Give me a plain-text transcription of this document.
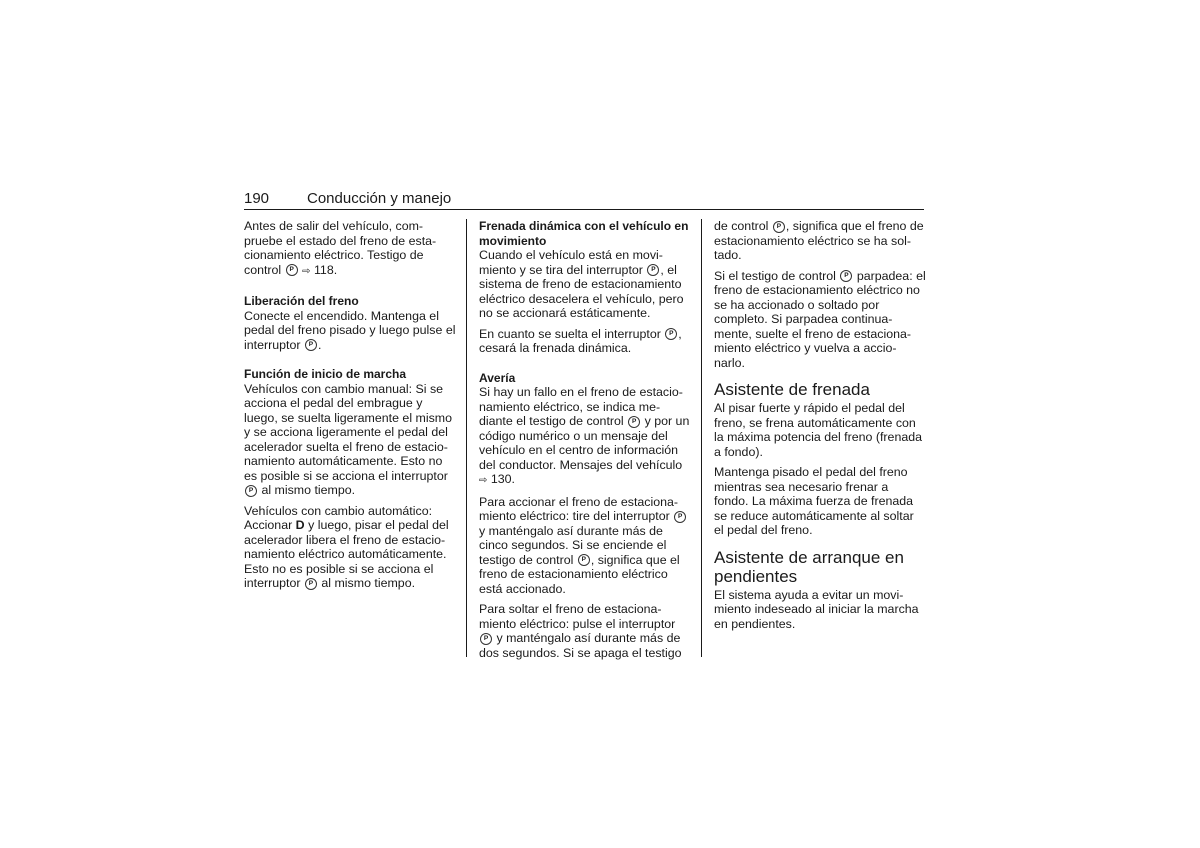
190	Conducción y manejo

Antes de salir del vehículo, com- pruebe el estado del freno de esta- cionamiento eléctrico. Testigo de control P ⇨ 118.

Liberación del freno

Conecte el encendido. Mantenga el pedal del freno pisado y luego pulse el interruptor P .

Función de inicio de marcha

Vehículos con cambio manual: Si se acciona el pedal del embrague y luego, se suelta ligeramente el mismo y se acciona ligeramente el pedal del acelerador suelta el freno de estacio- namiento automáticamente. Esto no es posible si se acciona el interruptor P al mismo tiempo.

Vehículos con cambio automático: Accionar D y luego, pisar el pedal del acelerador libera el freno de estacio- namiento eléctrico automáticamente. Esto no es posible si se acciona el interruptor P al mismo tiempo.

Frenada dinámica con el vehículo en movimiento

Cuando el vehículo está en movi- miento y se tira del interruptor P , el sistema de freno de estacionamiento eléctrico desacelera el vehículo, pero no se accionará estáticamente.

En cuanto se suelta el interruptor P , cesará la frenada dinámica.

Avería

Si hay un fallo en el freno de estacio- namiento eléctrico, se indica me- diante el testigo de control P y por un código numérico o un mensaje del vehículo en el centro de información del conductor. Mensajes del vehículo ⇨ 130.

Para accionar el freno de estaciona- miento eléctrico: tire del interruptor P y manténgalo así durante más de cinco segundos. Si se enciende el testigo de control P , significa que el freno de estacionamiento eléctrico está accionado.

Para soltar el freno de estaciona- miento eléctrico: pulse el interruptor P y manténgalo así durante más de dos segundos. Si se apaga el testigo

de control P , significa que el freno de estacionamiento eléctrico se ha sol- tado.

Si el testigo de control P parpadea: el freno de estacionamiento eléctrico no se ha accionado o soltado por completo. Si parpadea continua- mente, suelte el freno de estaciona- miento eléctrico y vuelva a accio- narlo.

Asistente de frenada

Al pisar fuerte y rápido el pedal del freno, se frena automáticamente con la máxima potencia del freno (frenada a fondo).

Mantenga pisado el pedal del freno mientras sea necesario frenar a fondo. La máxima fuerza de frenada se reduce automáticamente al soltar el pedal del freno.

Asistente de arranque en pendientes

El sistema ayuda a evitar un movi- miento indeseado al iniciar la marcha en pendientes.
